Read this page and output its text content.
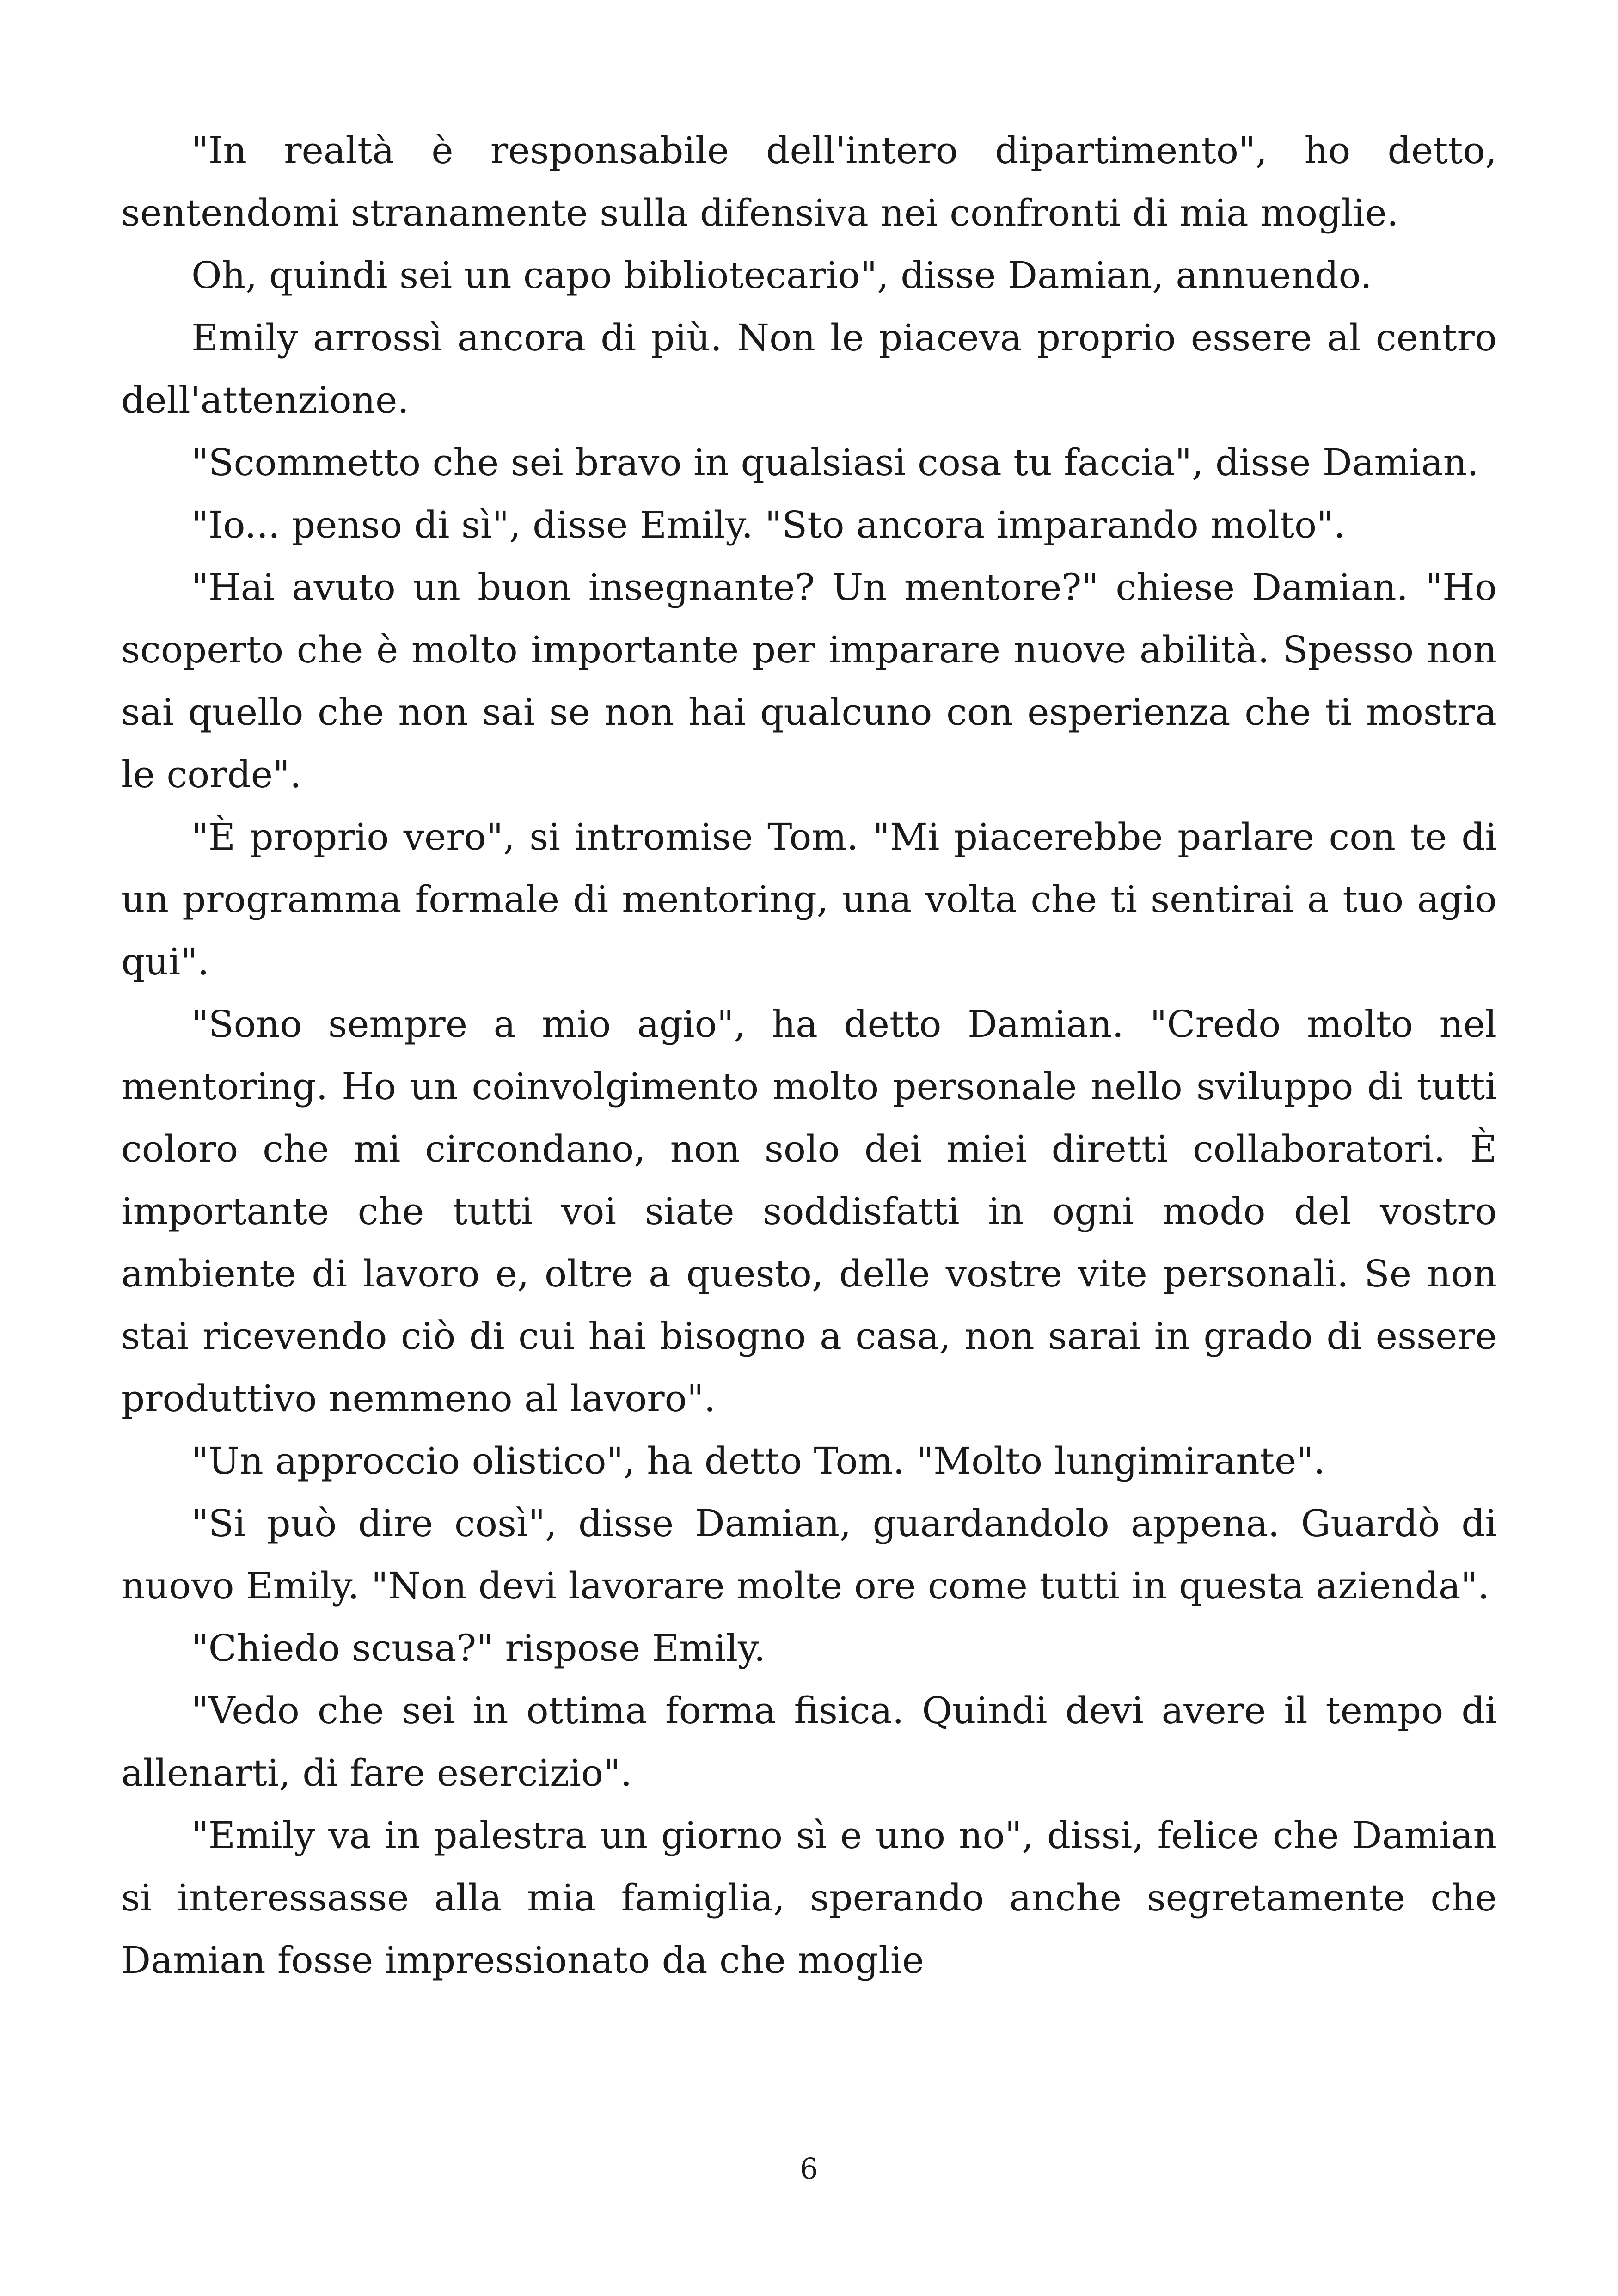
"In realtà è responsabile dell'intero dipartimento", ho detto, sentendomi stranamente sulla difensiva nei confronti di mia moglie.

Oh, quindi sei un capo bibliotecario", disse Damian, annuendo.

Emily arrossì ancora di più. Non le piaceva proprio essere al centro dell'attenzione.

"Scommetto che sei bravo in qualsiasi cosa tu faccia", disse Damian.

"Io... penso di sì", disse Emily. "Sto ancora imparando molto".

"Hai avuto un buon insegnante? Un mentore?" chiese Damian. "Ho scoperto che è molto importante per imparare nuove abilità. Spesso non sai quello che non sai se non hai qualcuno con esperienza che ti mostra le corde".

"È proprio vero", si intromise Tom. "Mi piacerebbe parlare con te di un programma formale di mentoring, una volta che ti sentirai a tuo agio qui".

"Sono sempre a mio agio", ha detto Damian. "Credo molto nel mentoring. Ho un coinvolgimento molto personale nello sviluppo di tutti coloro che mi circondano, non solo dei miei diretti collaboratori. È importante che tutti voi siate soddisfatti in ogni modo del vostro ambiente di lavoro e, oltre a questo, delle vostre vite personali. Se non stai ricevendo ciò di cui hai bisogno a casa, non sarai in grado di essere produttivo nemmeno al lavoro".

"Un approccio olistico", ha detto Tom. "Molto lungimirante".

"Si può dire così", disse Damian, guardandolo appena. Guardò di nuovo Emily. "Non devi lavorare molte ore come tutti in questa azienda".

"Chiedo scusa?" rispose Emily.

"Vedo che sei in ottima forma fisica. Quindi devi avere il tempo di allenarti, di fare esercizio".

"Emily va in palestra un giorno sì e uno no", dissi, felice che Damian si interessasse alla mia famiglia, sperando anche segretamente che Damian fosse impressionato da che moglie

6
